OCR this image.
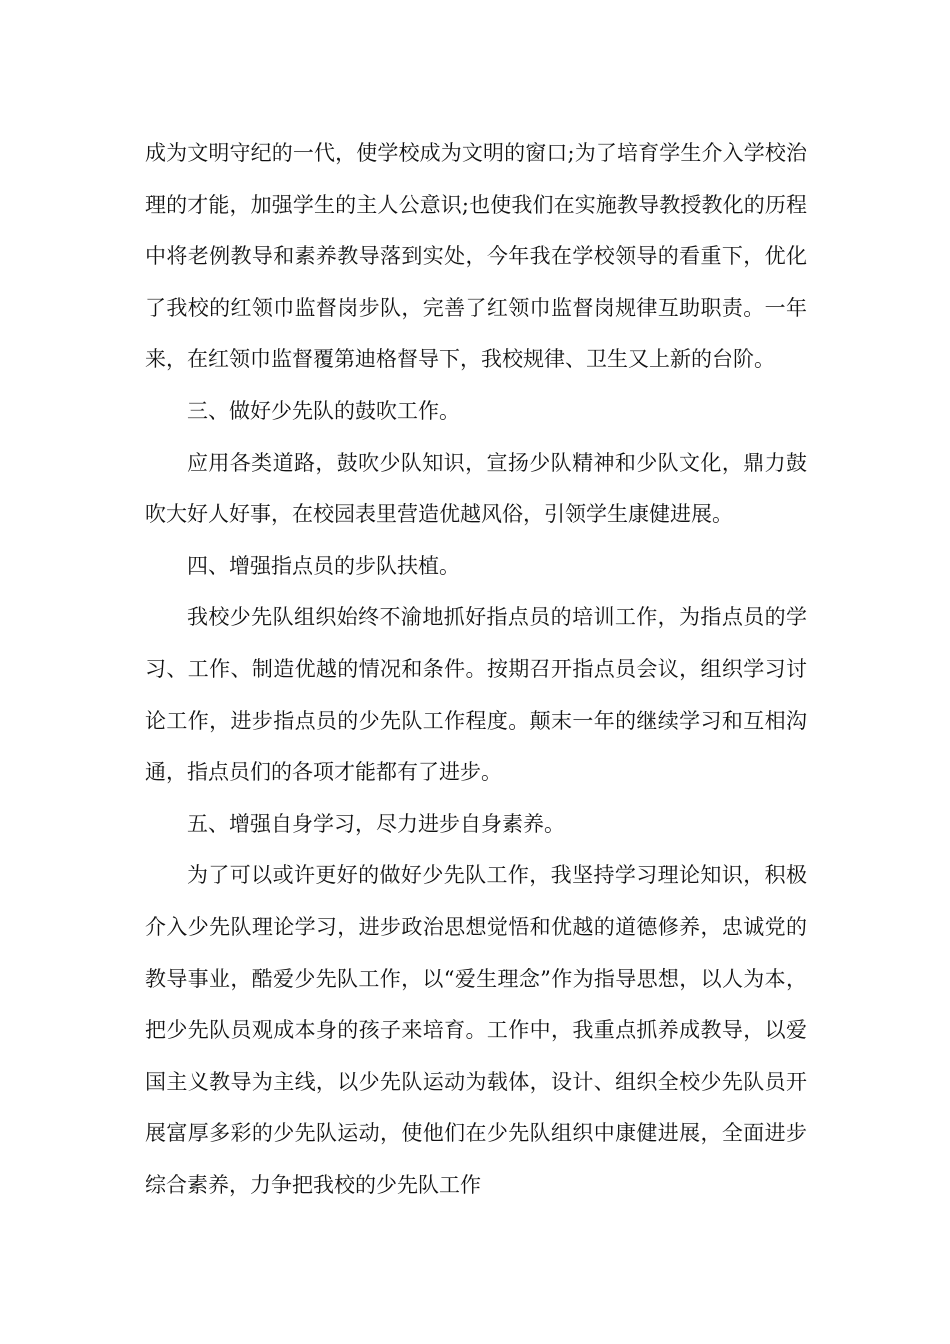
成为文明守纪的一代，使学校成为文明的窗口;为了培育学生介入学校治理的才能，加强学生的主人公意识;也使我们在实施教导教授教化的历程中将老例教导和素养教导落到实处，今年我在学校领导的看重下，优化了我校的红领巾监督岗步队，完善了红领巾监督岗规律互助职责。一年来，在红领巾监督覆第迪格督导下，我校规律、卫生又上新的台阶。

三、做好少先队的鼓吹工作。

应用各类道路，鼓吹少队知识，宣扬少队精神和少队文化，鼎力鼓吹大好人好事，在校园表里营造优越风俗，引领学生康健进展。

四、增强指点员的步队扶植。

我校少先队组织始终不渝地抓好指点员的培训工作，为指点员的学习、工作、制造优越的情况和条件。按期召开指点员会议，组织学习讨论工作，进步指点员的少先队工作程度。颠末一年的继续学习和互相沟通，指点员们的各项才能都有了进步。

五、增强自身学习，尽力进步自身素养。

为了可以或许更好的做好少先队工作，我坚持学习理论知识，积极介入少先队理论学习，进步政治思想觉悟和优越的道德修养，忠诚党的教导事业，酷爱少先队工作，以“爱生理念”作为指导思想，以人为本，把少先队员观成本身的孩子来培育。工作中，我重点抓养成教导，以爱国主义教导为主线，以少先队运动为载体，设计、组织全校少先队员开展富厚多彩的少先队运动，使他们在少先队组织中康健进展，全面进步综合素养，力争把我校的少先队工作
